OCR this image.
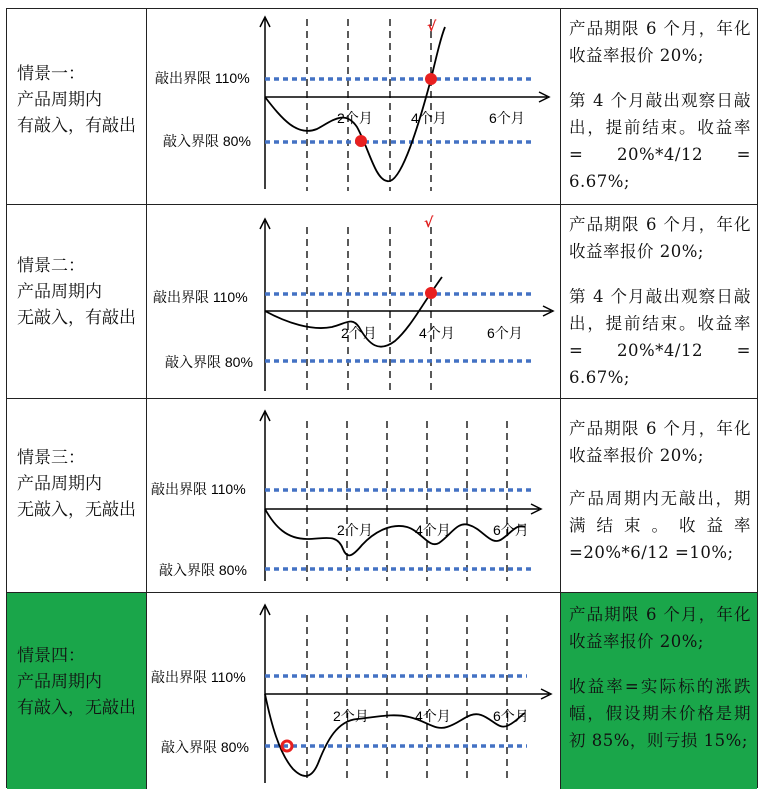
情景一：
产品周期内
有敲入，有敲出
√
敲出界限 110%
敲入界限 80%
2个月	4个月	6个月

产品期限 6 个月，年化收益率报价 20%;

第 4 个月敲出观察日敲出，提前结束。收益率= 20%*4/12 = 6.67%;

情景二：
产品周期内
无敲入，有敲出
√
敲出界限 110%
敲入界限 80%
2个月	4个月 6个月

产品期限 6 个月，年化收益率报价 20%;

第 4 个月敲出观察日敲出，提前结束。收益率= 20%*4/12 = 6.67%;

情景三：
产品周期内
无敲入，无敲出
敲出界限 110%
敲入界限 80%
2个月	4个月	6个月

产品期限 6 个月，年化收益率报价 20%;

产品周期内无敲出，期满结束。收益率=20%*6/12 =10%;

情景四：
产品周期内
有敲入，无敲出
敲出界限 110%
敲入界限 80%
2个月	4个月	6个月

产品期限 6 个月，年化收益率报价 20%;

收益率=实际标的涨跌幅，假设期末价格是期初 85%，则亏损 15%;
